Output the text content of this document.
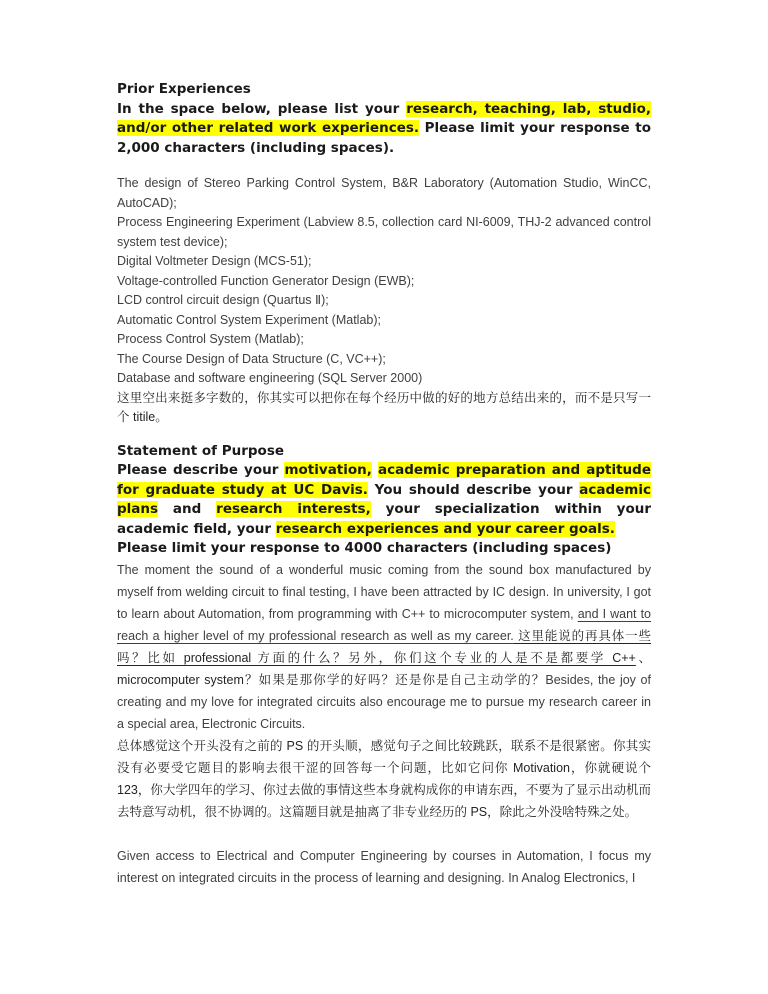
Prior Experiences

In the space below, please list your research, teaching, lab, studio, and/or other related work experiences. Please limit your response to 2,000 characters (including spaces).

The design of Stereo Parking Control System, B&R Laboratory (Automation Studio, WinCC, AutoCAD);

Process Engineering Experiment (Labview 8.5, collection card NI-6009, THJ-2 advanced control system test device);

Digital Voltmeter Design (MCS-51);

Voltage-controlled Function Generator Design (EWB);

LCD control circuit design (Quartus Ⅱ);

Automatic Control System Experiment (Matlab);

Process Control System (Matlab);

The Course Design of Data Structure (C, VC++);

Database and software engineering (SQL Server 2000)

这里空出来挺多字数的，你其实可以把你在每个经历中做的好的地方总结出来的，而不是只写一个 titile。

Statement of Purpose

Please describe your motivation, academic preparation and aptitude for graduate study at UC Davis. You should describe your academic plans and research interests, your specialization within your academic field, your research experiences and your career goals.

Please limit your response to 4000 characters (including spaces)

The moment the sound of a wonderful music coming from the sound box manufactured by myself from welding circuit to final testing, I have been attracted by IC design. In university, I got to learn about Automation, from programming with C++ to microcomputer system, and I want to reach a higher level of my professional research as well as my career. 这里能说的再具体一些吗？比如 professional 方面的什么？另外，你们这个专业的人是不是都要学 C++、microcomputer system？如果是那你学的好吗？还是你是自己主动学的？Besides, the joy of creating and my love for integrated circuits also encourage me to pursue my research career in a special area, Electronic Circuits.

总体感觉这个开头没有之前的 PS 的开头顺，感觉句子之间比较跳跃，联系不是很紧密。你其实没有必要受它题目的影响去很干涩的回答每一个问题，比如它问你 Motivation，你就硬说个 123，你大学四年的学习、你过去做的事情这些本身就构成你的申请东西，不要为了显示出动机而去特意写动机，很不协调的。这篇题目就是抽离了非专业经历的 PS，除此之外没啥特殊之处。

Given access to Electrical and Computer Engineering by courses in Automation, I focus my interest on integrated circuits in the process of learning and designing. In Analog Electronics, I
